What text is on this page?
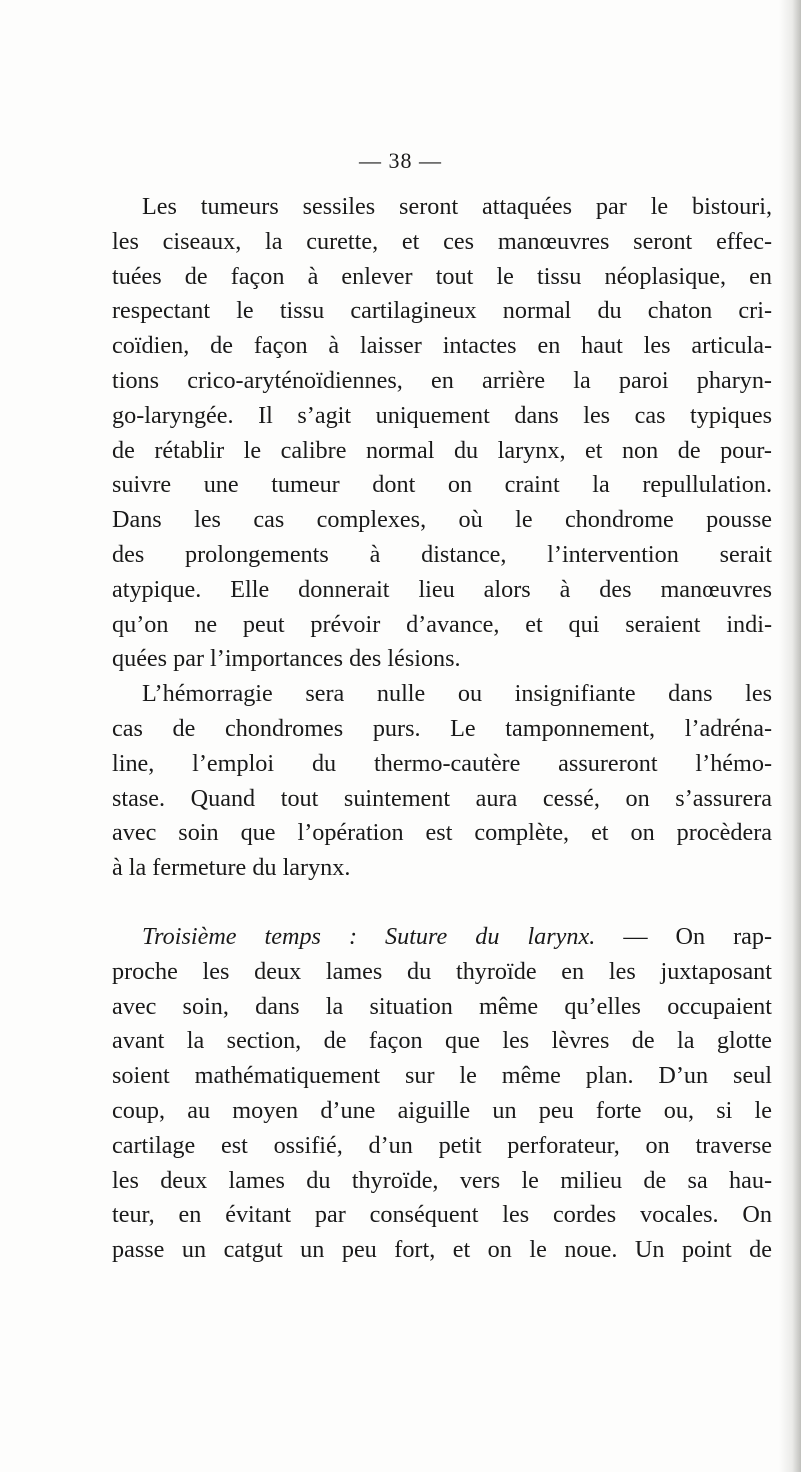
— 38 —
Les tumeurs sessiles seront attaquées par le bistouri,
les ciseaux, la curette, et ces manœuvres seront effec-
tuées de façon à enlever tout le tissu néoplasique, en
respectant le tissu cartilagineux normal du chaton cri-
coïdien, de façon à laisser intactes en haut les articula-
tions crico-aryténoïdiennes, en arrière la paroi pharyn-
go-laryngée. Il s’agit uniquement dans les cas typiques
de rétablir le calibre normal du larynx, et non de pour-
suivre une tumeur dont on craint la repullulation.
Dans les cas complexes, où le chondrome pousse
des prolongements à distance, l’intervention serait
atypique. Elle donnerait lieu alors à des manœuvres
qu’on ne peut prévoir d’avance, et qui seraient indi-
quées par l’importances des lésions.
L’hémorragie sera nulle ou insignifiante dans les
cas de chondromes purs. Le tamponnement, l’adréna-
line, l’emploi du thermo-cautère assureront l’hémo-
stase. Quand tout suintement aura cessé, on s’assurera
avec soin que l’opération est complète, et on procèdera
à la fermeture du larynx.
Troisième temps : Suture du larynx. — On rap-
proche les deux lames du thyroïde en les juxtaposant
avec soin, dans la situation même qu’elles occupaient
avant la section, de façon que les lèvres de la glotte
soient mathématiquement sur le même plan. D’un seul
coup, au moyen d’une aiguille un peu forte ou, si le
cartilage est ossifié, d’un petit perforateur, on traverse
les deux lames du thyroïde, vers le milieu de sa hau-
teur, en évitant par conséquent les cordes vocales. On
passe un catgut un peu fort, et on le noue. Un point de
